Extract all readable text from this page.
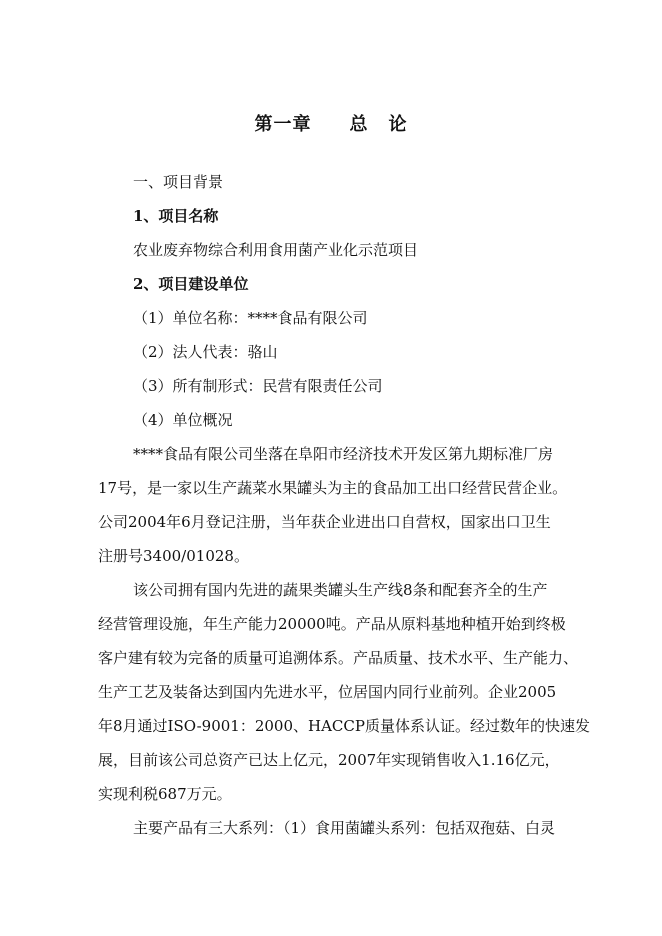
第一章 总 论
一、项目背景
1、项目名称
农业废弃物综合利用食用菌产业化示范项目
2、项目建设单位
（1）单位名称：****食品有限公司
（2）法人代表：骆山
（3）所有制形式：民营有限责任公司
（4）单位概况
****食品有限公司坐落在阜阳市经济技术开发区第九期标准厂房
17号，是一家以生产蔬菜水果罐头为主的食品加工出口经营民营企业。
公司2004年6月登记注册，当年获企业进出口自营权，国家出口卫生
注册号3400/01028。
该公司拥有国内先进的蔬果类罐头生产线8条和配套齐全的生产
经营管理设施，年生产能力20000吨。产品从原料基地种植开始到终极
客户建有较为完备的质量可追溯体系。产品质量、技术水平、生产能力、
生产工艺及装备达到国内先进水平，位居国内同行业前列。企业2005
年8月通过ISO-9001：2000、HACCP质量体系认证。经过数年的快速发
展，目前该公司总资产已达上亿元，2007年实现销售收入1.16亿元，
实现利税687万元。
主要产品有三大系列：（1）食用菌罐头系列：包括双孢菇、白灵
